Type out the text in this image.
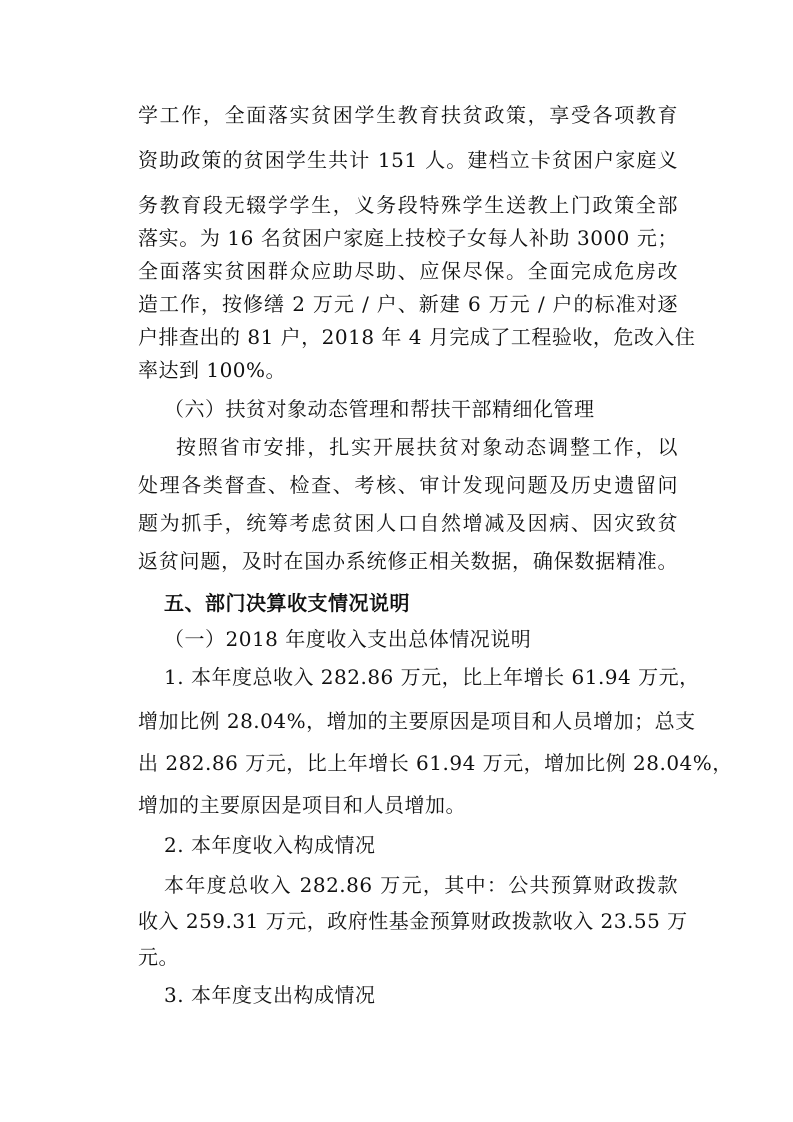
学工作，全面落实贫困学生教育扶贫政策，享受各项教育
资助政策的贫困学生共计 151 人。建档立卡贫困户家庭义
务教育段无辍学学生，义务段特殊学生送教上门政策全部
落实。为 16 名贫困户家庭上技校子女每人补助 3000 元；
全面落实贫困群众应助尽助、应保尽保。全面完成危房改
造工作，按修缮 2 万元 / 户、新建 6 万元 / 户的标准对逐
户排查出的 81 户，2018 年 4 月完成了工程验收，危改入住
率达到 100%。
（六）扶贫对象动态管理和帮扶干部精细化管理
按照省市安排，扎实开展扶贫对象动态调整工作，以
处理各类督查、检查、考核、审计发现问题及历史遗留问
题为抓手，统筹考虑贫困人口自然增减及因病、因灾致贫
返贫问题，及时在国办系统修正相关数据，确保数据精准。
五、部门决算收支情况说明
（一）2018 年度收入支出总体情况说明
1. 本年度总收入 282.86 万元，比上年增长 61.94 万元，
增加比例 28.04%，增加的主要原因是项目和人员增加；总支
出 282.86 万元，比上年增长 61.94 万元，增加比例 28.04%，
增加的主要原因是项目和人员增加。
2. 本年度收入构成情况
本年度总收入 282.86 万元，其中：公共预算财政拨款
收入 259.31 万元，政府性基金预算财政拨款收入 23.55 万
元。
3. 本年度支出构成情况
